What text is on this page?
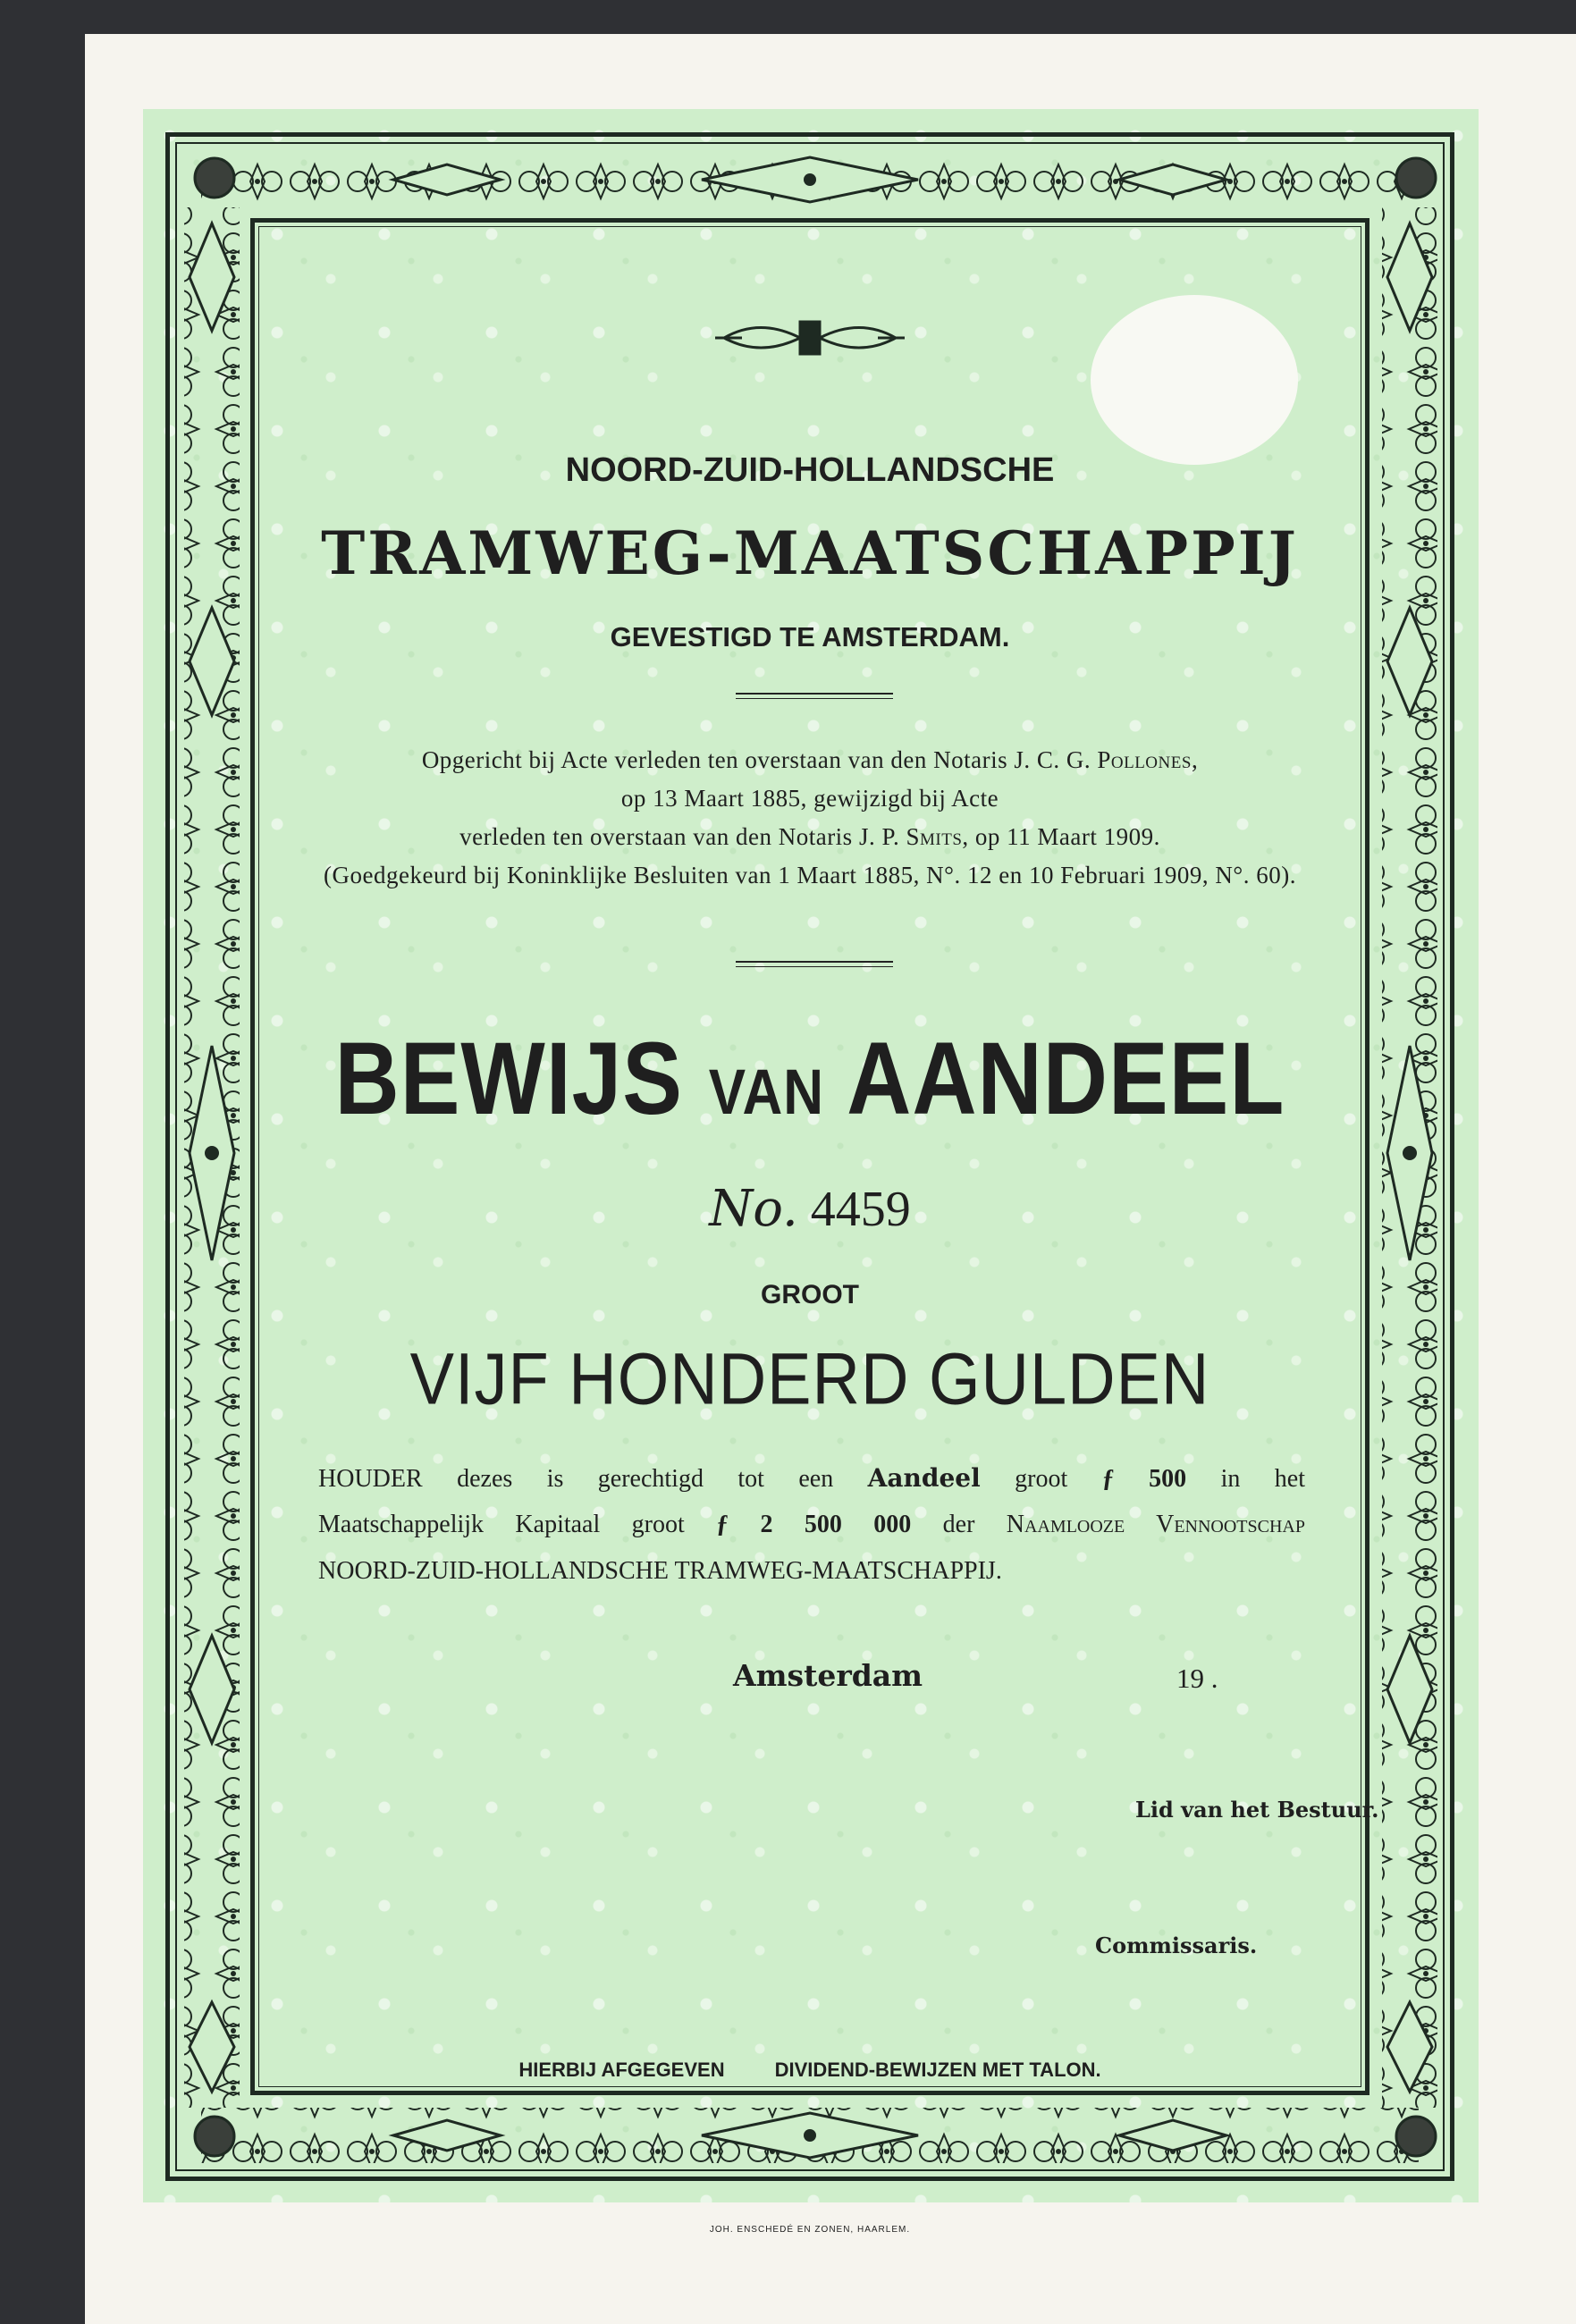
NOORD-ZUID-HOLLANDSCHE
TRAMWEG-MAATSCHAPPIJ
GEVESTIGD TE AMSTERDAM.
Opgericht bij Acte verleden ten overstaan van den Notaris J. C. G. Pollones,
op 13 Maart 1885, gewijzigd bij Acte
verleden ten overstaan van den Notaris J. P. Smits, op 11 Maart 1909.
(Goedgekeurd bij Koninklijke Besluiten van 1 Maart 1885, N°. 12 en 10 Februari 1909, N°. 60).
BEWIJS VAN AANDEEL
No. 4459
GROOT
VIJF HONDERD GULDEN
HOUDER dezes is gerechtigd tot een Aandeel groot ƒ 500 in het
Maatschappelijk Kapitaal groot ƒ 2 500 000 der Naamlooze Vennootschap
NOORD-ZUID-HOLLANDSCHE TRAMWEG-MAATSCHAPPIJ.
Amsterdam	19 .
Lid van het Bestuur.
Commissaris.
HIERBIJ AFGEGEVEN	DIVIDEND-BEWIJZEN MET TALON.
JOH. ENSCHEDÉ EN ZONEN, HAARLEM.
